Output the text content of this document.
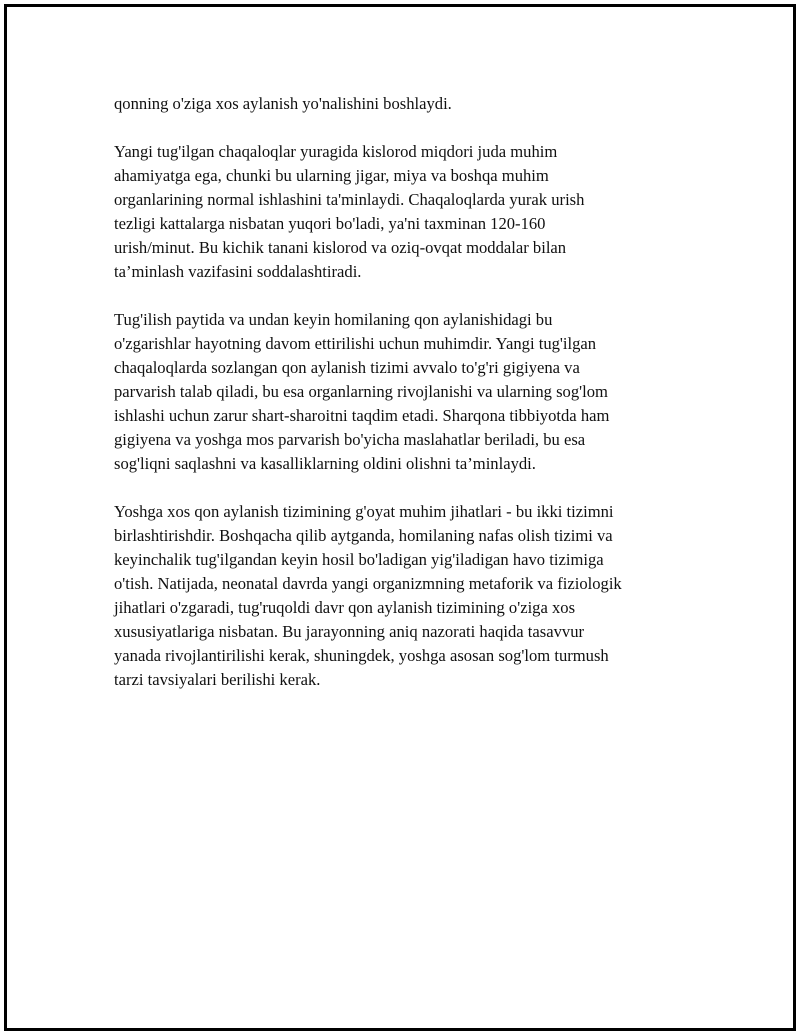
qonning o'ziga xos aylanish yo'nalishini boshlaydi.

Yangi tug'ilgan chaqaloqlar yuragida kislorod miqdori juda muhim
ahamiyatga ega, chunki bu ularning jigar, miya va boshqa muhim
organlarining normal ishlashini ta'minlaydi. Chaqaloqlarda yurak urish
tezligi kattalarga nisbatan yuqori bo'ladi, ya'ni taxminan 120-160
urish/minut. Bu kichik tanani kislorod va oziq-ovqat moddalar bilan
ta’minlash vazifasini soddalashtiradi.

Tug'ilish paytida va undan keyin homilaning qon aylanishidagi bu
o'zgarishlar hayotning davom ettirilishi uchun muhimdir. Yangi tug'ilgan
chaqaloqlarda sozlangan qon aylanish tizimi avvalo to'g'ri gigiyena va
parvarish talab qiladi, bu esa organlarning rivojlanishi va ularning sog'lom
ishlashi uchun zarur shart-sharoitni taqdim etadi. Sharqona tibbiyotda ham
gigiyena va yoshga mos parvarish bo'yicha maslahatlar beriladi, bu esa
sog'liqni saqlashni va kasalliklarning oldini olishni ta’minlaydi.

Yoshga xos qon aylanish tizimining g'oyat muhim jihatlari - bu ikki tizimni
birlashtirishdir. Boshqacha qilib aytganda, homilaning nafas olish tizimi va
keyinchalik tug'ilgandan keyin hosil bo'ladigan yig'iladigan havo tizimiga
o'tish. Natijada, neonatal davrda yangi organizmning metaforik va fiziologik
jihatlari o'zgaradi, tug'ruqoldi davr qon aylanish tizimining o'ziga xos
xususiyatlariga nisbatan. Bu jarayonning aniq nazorati haqida tasavvur
yanada rivojlantirilishi kerak, shuningdek, yoshga asosan sog'lom turmush
tarzi tavsiyalari berilishi kerak.
